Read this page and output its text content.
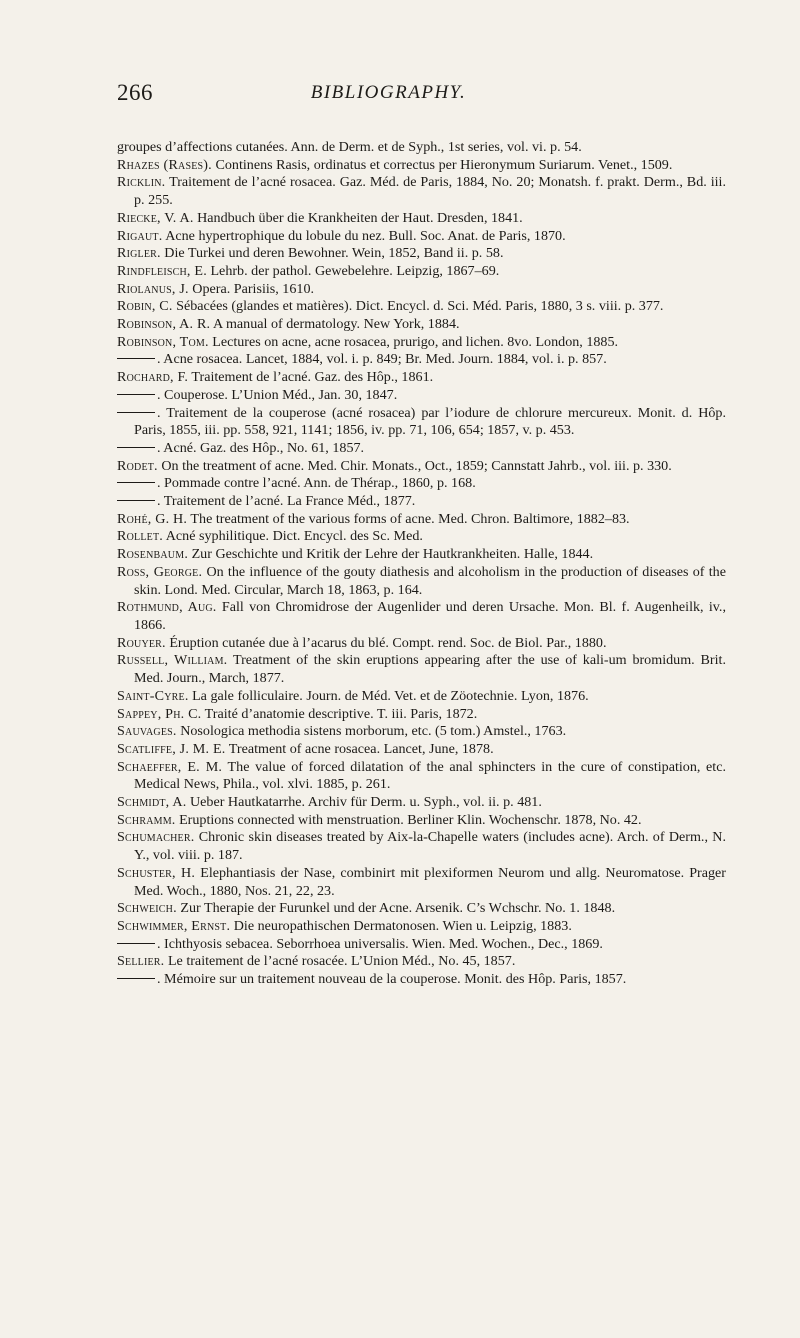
266	BIBLIOGRAPHY.
groupes d’affections cutanées. Ann. de Derm. et de Syph., 1st series, vol. vi. p. 54.
Rhazes (Rases). Continens Rasis, ordinatus et correctus per Hieronymum Suriarum. Venet., 1509.
Ricklin. Traitement de l’acné rosacea. Gaz. Méd. de Paris, 1884, No. 20; Monatsh. f. prakt. Derm., Bd. iii. p. 255.
Riecke, V. A. Handbuch über die Krankheiten der Haut. Dresden, 1841.
Rigaut. Acne hypertrophique du lobule du nez. Bull. Soc. Anat. de Paris, 1870.
Rigler. Die Turkei und deren Bewohner. Wein, 1852, Band ii. p. 58.
Rindfleisch, E. Lehrb. der pathol. Gewebelehre. Leipzig, 1867–69.
Riolanus, J. Opera. Parisiis, 1610.
Robin, C. Sébacées (glandes et matières). Dict. Encycl. d. Sci. Méd. Paris, 1880, 3 s. viii. p. 377.
Robinson, A. R. A manual of dermatology. New York, 1884.
Robinson, Tom. Lectures on acne, acne rosacea, prurigo, and lichen. 8vo. London, 1885.
. Acne rosacea. Lancet, 1884, vol. i. p. 849; Br. Med. Journ. 1884, vol. i. p. 857.
Rochard, F. Traitement de l’acné. Gaz. des Hôp., 1861.
. Couperose. L’Union Méd., Jan. 30, 1847.
. Traitement de la couperose (acné rosacea) par l’iodure de chlorure mercureux. Monit. d. Hôp. Paris, 1855, iii. pp. 558, 921, 1141; 1856, iv. pp. 71, 106, 654; 1857, v. p. 453.
. Acné. Gaz. des Hôp., No. 61, 1857.
Rodet. On the treatment of acne. Med. Chir. Monats., Oct., 1859; Cannstatt Jahrb., vol. iii. p. 330.
. Pommade contre l’acné. Ann. de Thérap., 1860, p. 168.
. Traitement de l’acné. La France Méd., 1877.
Rohé, G. H. The treatment of the various forms of acne. Med. Chron. Baltimore, 1882–83.
Rollet. Acné syphilitique. Dict. Encycl. des Sc. Med.
Rosenbaum. Zur Geschichte und Kritik der Lehre der Hautkrankheiten. Halle, 1844.
Ross, George. On the influence of the gouty diathesis and alcoholism in the production of diseases of the skin. Lond. Med. Circular, March 18, 1863, p. 164.
Rothmund, Aug. Fall von Chromidrose der Augenlider und deren Ursache. Mon. Bl. f. Augenheilk, iv., 1866.
Rouyer. Éruption cutanée due à l’acarus du blé. Compt. rend. Soc. de Biol. Par., 1880.
Russell, William. Treatment of the skin eruptions appearing after the use of kali-um bromidum. Brit. Med. Journ., March, 1877.
Saint-Cyre. La gale folliculaire. Journ. de Méd. Vet. et de Zöotechnie. Lyon, 1876.
Sappey, Ph. C. Traité d’anatomie descriptive. T. iii. Paris, 1872.
Sauvages. Nosologica methodia sistens morborum, etc. (5 tom.) Amstel., 1763.
Scatliffe, J. M. E. Treatment of acne rosacea. Lancet, June, 1878.
Schaeffer, E. M. The value of forced dilatation of the anal sphincters in the cure of constipation, etc. Medical News, Phila., vol. xlvi. 1885, p. 261.
Schmidt, A. Ueber Hautkatarrhe. Archiv für Derm. u. Syph., vol. ii. p. 481.
Schramm. Eruptions connected with menstruation. Berliner Klin. Wochenschr. 1878, No. 42.
Schumacher. Chronic skin diseases treated by Aix-la-Chapelle waters (includes acne). Arch. of Derm., N. Y., vol. viii. p. 187.
Schuster, H. Elephantiasis der Nase, combinirt mit plexiformen Neurom und allg. Neuromatose. Prager Med. Woch., 1880, Nos. 21, 22, 23.
Schweich. Zur Therapie der Furunkel und der Acne. Arsenik. C’s Wchschr. No. 1. 1848.
Schwimmer, Ernst. Die neuropathischen Dermatonosen. Wien u. Leipzig, 1883.
. Ichthyosis sebacea. Seborrhoea universalis. Wien. Med. Wochen., Dec., 1869.
Sellier. Le traitement de l’acné rosacée. L’Union Méd., No. 45, 1857.
. Mémoire sur un traitement nouveau de la couperose. Monit. des Hôp. Paris, 1857.
